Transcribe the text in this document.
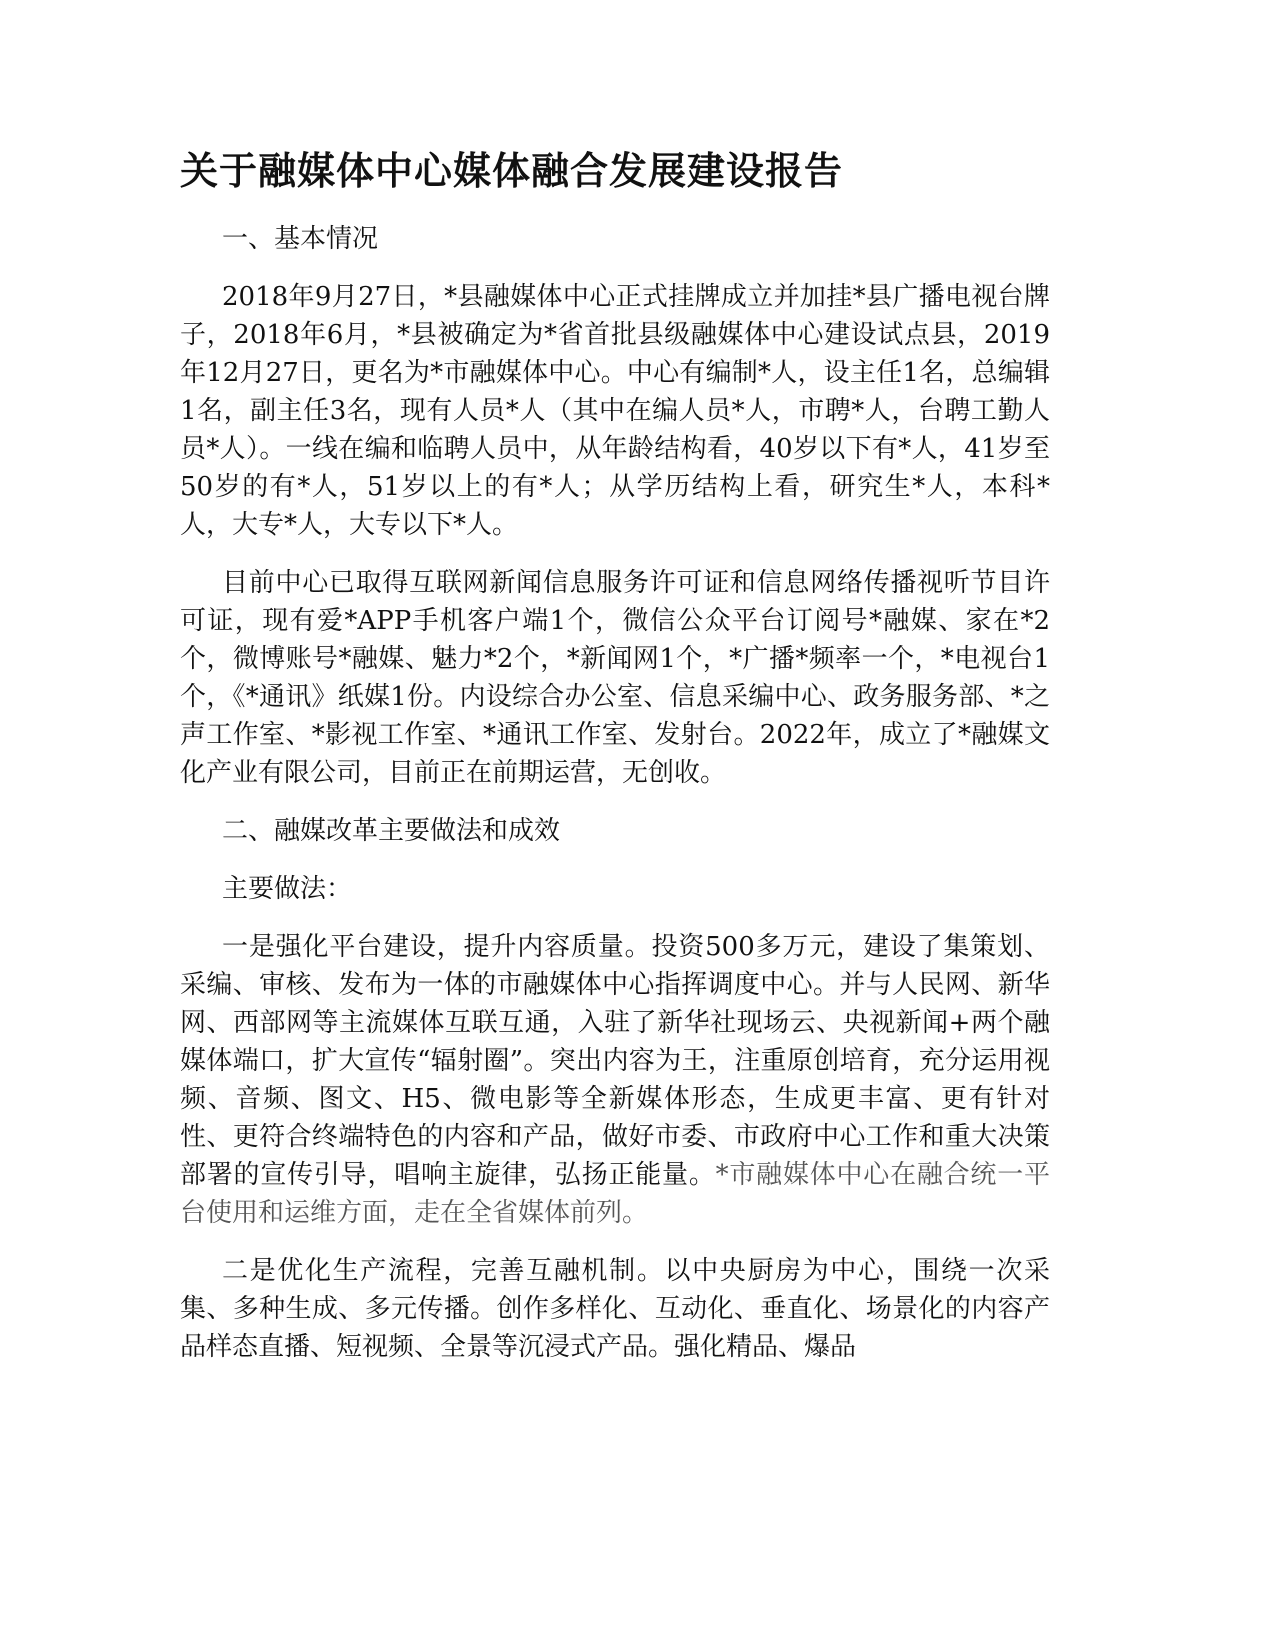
关于融媒体中心媒体融合发展建设报告

一、基本情况

2018年9月27日，*县融媒体中心正式挂牌成立并加挂*县广播电视台牌子，2018年6月，*县被确定为*省首批县级融媒体中心建设试点县，2019年12月27日，更名为*市融媒体中心。中心有编制*人，设主任1名，总编辑1名，副主任3名，现有人员*人（其中在编人员*人，市聘*人，台聘工勤人员*人）。一线在编和临聘人员中，从年龄结构看，40岁以下有*人，41岁至50岁的有*人，51岁以上的有*人；从学历结构上看，研究生*人，本科*人，大专*人，大专以下*人。

目前中心已取得互联网新闻信息服务许可证和信息网络传播视听节目许可证，现有爱*APP手机客户端1个，微信公众平台订阅号*融媒、家在*2个，微博账号*融媒、魅力*2个，*新闻网1个，*广播*频率一个，*电视台1个，《*通讯》纸媒1份。内设综合办公室、信息采编中心、政务服务部、*之声工作室、*影视工作室、*通讯工作室、发射台。2022年，成立了*融媒文化产业有限公司，目前正在前期运营，无创收。

二、融媒改革主要做法和成效

主要做法：

一是强化平台建设，提升内容质量。投资500多万元，建设了集策划、采编、审核、发布为一体的市融媒体中心指挥调度中心。并与人民网、新华网、西部网等主流媒体互联互通，入驻了新华社现场云、央视新闻+两个融媒体端口，扩大宣传“辐射圈”。突出内容为王，注重原创培育，充分运用视频、音频、图文、H5、微电影等全新媒体形态，生成更丰富、更有针对性、更符合终端特色的内容和产品，做好市委、市政府中心工作和重大决策部署的宣传引导，唱响主旋律，弘扬正能量。*市融媒体中心在融合统一平台使用和运维方面，走在全省媒体前列。

二是优化生产流程，完善互融机制。以中央厨房为中心，围绕一次采集、多种生成、多元传播。创作多样化、互动化、垂直化、场景化的内容产品样态直播、短视频、全景等沉浸式产品。强化精品、爆品
